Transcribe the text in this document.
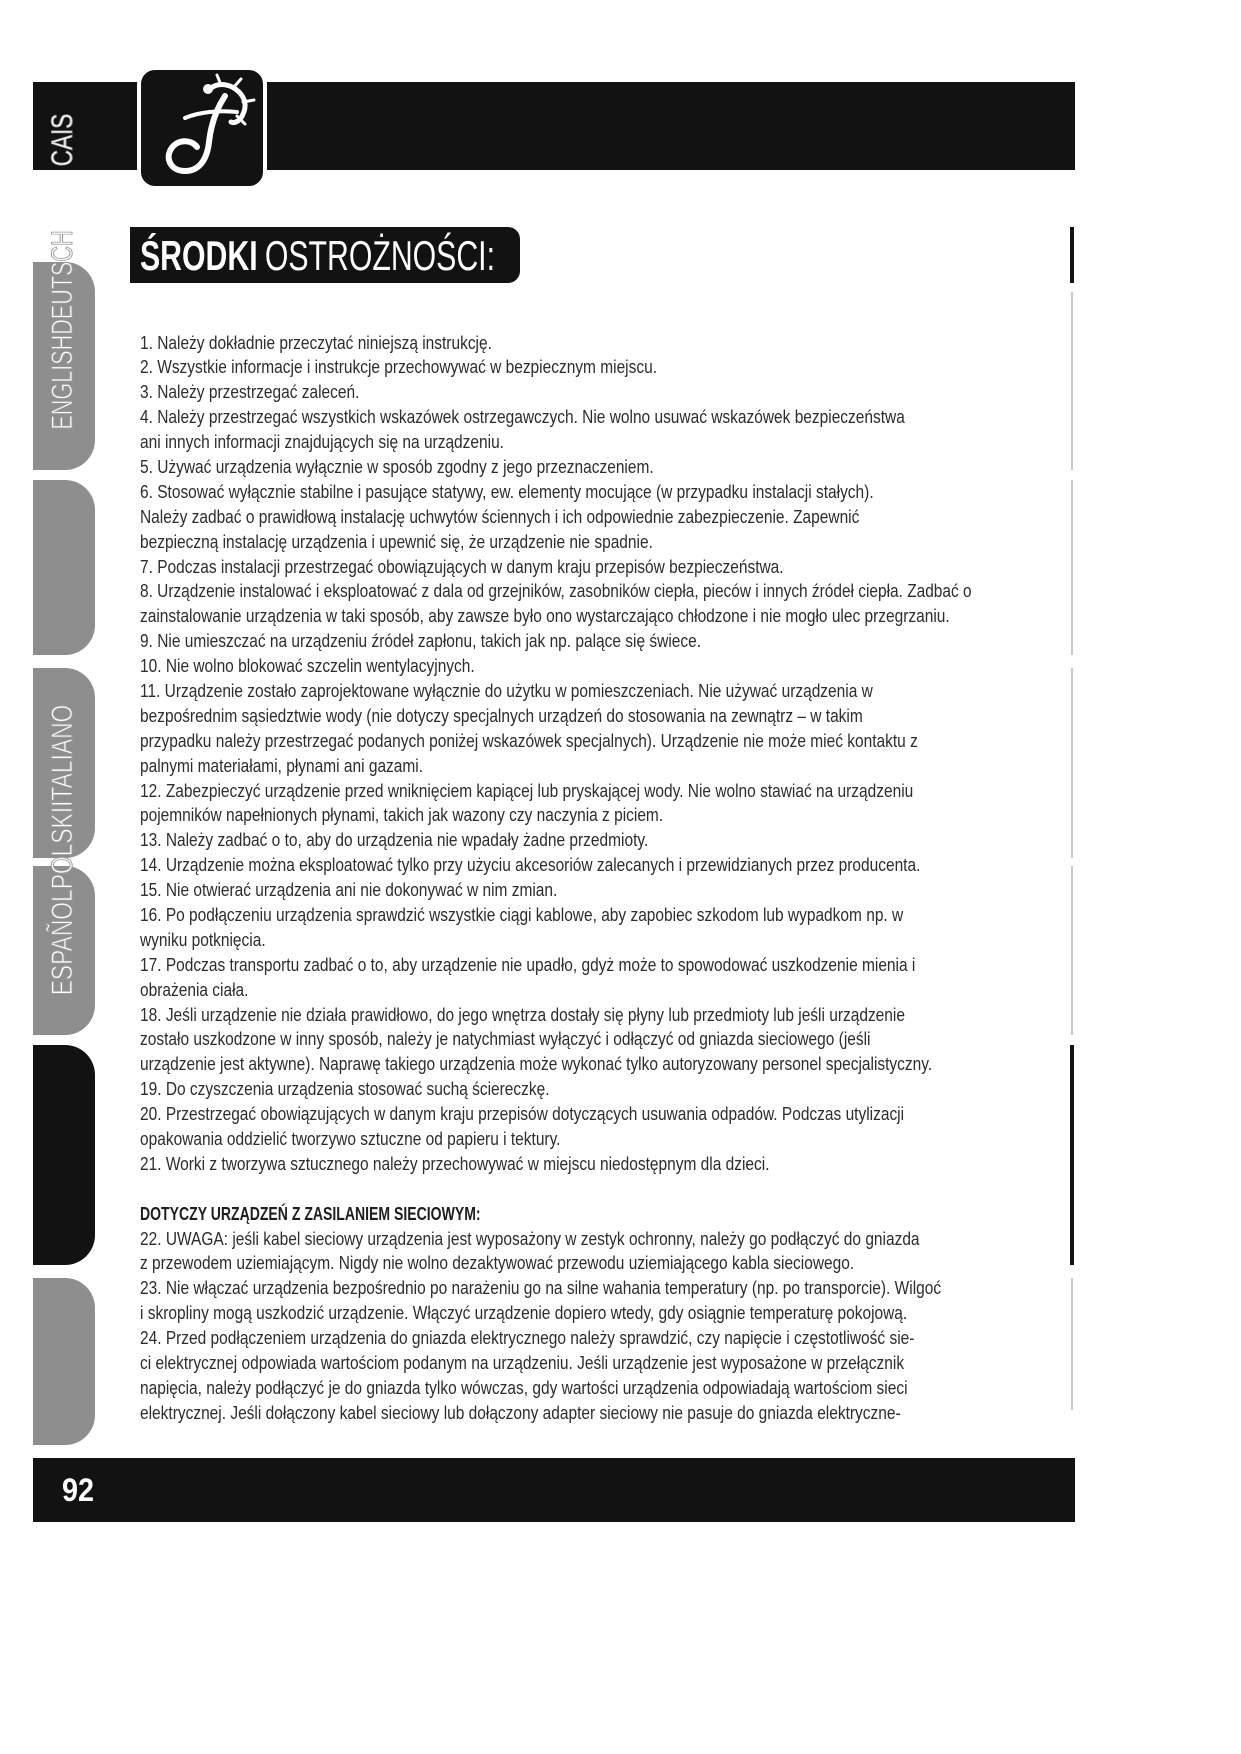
CAIS
ENGLISHDEUTSCH
ESPAÑOLPOLSKIITALIANO
ŚRODKI OSTROŻNOŚCI:
1. Należy dokładnie przeczytać niniejszą instrukcję.
2. Wszystkie informacje i instrukcje przechowywać w bezpiecznym miejscu.
3. Należy przestrzegać zaleceń.
4. Należy przestrzegać wszystkich wskazówek ostrzegawczych. Nie wolno usuwać wskazówek bezpieczeństwa
ani innych informacji znajdujących się na urządzeniu.
5. Używać urządzenia wyłącznie w sposób zgodny z jego przeznaczeniem.
6. Stosować wyłącznie stabilne i pasujące statywy, ew. elementy mocujące (w przypadku instalacji stałych).
Należy zadbać o prawidłową instalację uchwytów ściennych i ich odpowiednie zabezpieczenie. Zapewnić
bezpieczną instalację urządzenia i upewnić się, że urządzenie nie spadnie.
7. Podczas instalacji przestrzegać obowiązujących w danym kraju przepisów bezpieczeństwa.
8. Urządzenie instalować i eksploatować z dala od grzejników, zasobników ciepła, pieców i innych źródeł ciepła. Zadbać o
zainstalowanie urządzenia w taki sposób, aby zawsze było ono wystarczająco chłodzone i nie mogło ulec przegrzaniu.
9. Nie umieszczać na urządzeniu źródeł zapłonu, takich jak np. palące się świece.
10. Nie wolno blokować szczelin wentylacyjnych.
11. Urządzenie zostało zaprojektowane wyłącznie do użytku w pomieszczeniach. Nie używać urządzenia w
bezpośrednim sąsiedztwie wody (nie dotyczy specjalnych urządzeń do stosowania na zewnątrz – w takim
przypadku należy przestrzegać podanych poniżej wskazówek specjalnych). Urządzenie nie może mieć kontaktu z
palnymi materiałami, płynami ani gazami.
12. Zabezpieczyć urządzenie przed wniknięciem kapiącej lub pryskającej wody. Nie wolno stawiać na urządzeniu
pojemników napełnionych płynami, takich jak wazony czy naczynia z piciem.
13. Należy zadbać o to, aby do urządzenia nie wpadały żadne przedmioty.
14. Urządzenie można eksploatować tylko przy użyciu akcesoriów zalecanych i przewidzianych przez producenta.
15. Nie otwierać urządzenia ani nie dokonywać w nim zmian.
16. Po podłączeniu urządzenia sprawdzić wszystkie ciągi kablowe, aby zapobiec szkodom lub wypadkom np. w
wyniku potknięcia.
17. Podczas transportu zadbać o to, aby urządzenie nie upadło, gdyż może to spowodować uszkodzenie mienia i
obrażenia ciała.
18. Jeśli urządzenie nie działa prawidłowo, do jego wnętrza dostały się płyny lub przedmioty lub jeśli urządzenie
zostało uszkodzone w inny sposób, należy je natychmiast wyłączyć i odłączyć od gniazda sieciowego (jeśli
urządzenie jest aktywne). Naprawę takiego urządzenia może wykonać tylko autoryzowany personel specjalistyczny.
19. Do czyszczenia urządzenia stosować suchą ściereczkę.
20. Przestrzegać obowiązujących w danym kraju przepisów dotyczących usuwania odpadów. Podczas utylizacji
opakowania oddzielić tworzywo sztuczne od papieru i tektury.
21. Worki z tworzywa sztucznego należy przechowywać w miejscu niedostępnym dla dzieci.
DOTYCZY URZĄDZEŃ Z ZASILANIEM SIECIOWYM:
22. UWAGA: jeśli kabel sieciowy urządzenia jest wyposażony w zestyk ochronny, należy go podłączyć do gniazda
z przewodem uziemiającym. Nigdy nie wolno dezaktywować przewodu uziemiającego kabla sieciowego.
23. Nie włączać urządzenia bezpośrednio po narażeniu go na silne wahania temperatury (np. po transporcie). Wilgoć
i skropliny mogą uszkodzić urządzenie. Włączyć urządzenie dopiero wtedy, gdy osiągnie temperaturę pokojową.
24. Przed podłączeniem urządzenia do gniazda elektrycznego należy sprawdzić, czy napięcie i częstotliwość sie-
ci elektrycznej odpowiada wartościom podanym na urządzeniu. Jeśli urządzenie jest wyposażone w przełącznik
napięcia, należy podłączyć je do gniazda tylko wówczas, gdy wartości urządzenia odpowiadają wartościom sieci
elektrycznej. Jeśli dołączony kabel sieciowy lub dołączony adapter sieciowy nie pasuje do gniazda elektryczne-
92
